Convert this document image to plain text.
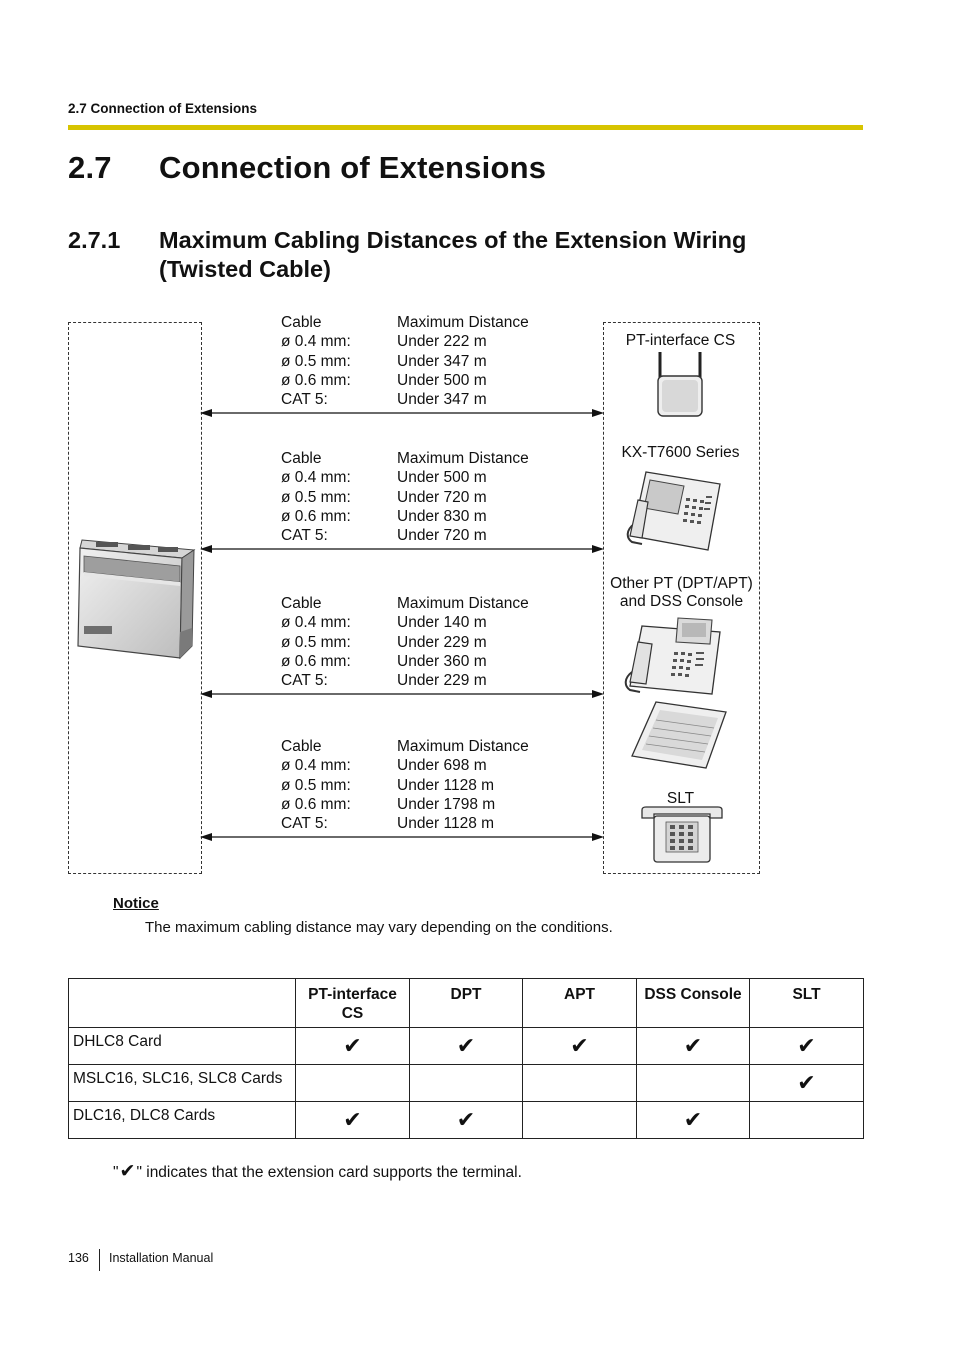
2.7 Connection of Extensions
2.7 Connection of Extensions
2.7.1 Maximum Cabling Distances of the Extension Wiring
(Twisted Cable)
Cable	Maximum Distance
ø 0.4 mm:	Under 222 m
ø 0.5 mm:	Under 347 m
ø 0.6 mm:	Under 500 m
CAT 5:	Under 347 m
Cable	Maximum Distance
ø 0.4 mm:	Under 500 m
ø 0.5 mm:	Under 720 m
ø 0.6 mm:	Under 830 m
CAT 5:	Under 720 m
Cable	Maximum Distance
ø 0.4 mm:	Under 140 m
ø 0.5 mm:	Under 229 m
ø 0.6 mm:	Under 360 m
CAT 5:	Under 229 m
Cable	Maximum Distance
ø 0.4 mm:	Under 698 m
ø 0.5 mm:	Under 1128 m
ø 0.6 mm:	Under 1798 m
CAT 5:	Under 1128 m
PT-interface CS
KX-T7600 Series
Other PT (DPT/APT)
and DSS Console
SLT
Notice
The maximum cabling distance may vary depending on the conditions.

	PT-interface CS	DPT	APT	DSS Console	SLT
DHLC8 Card	✔	✔	✔	✔	✔
MSLC16, SLC16, SLC8 Cards					✔
DLC16, DLC8 Cards	✔	✔		✔	
"✔" indicates that the extension card supports the terminal.
136 Installation Manual
